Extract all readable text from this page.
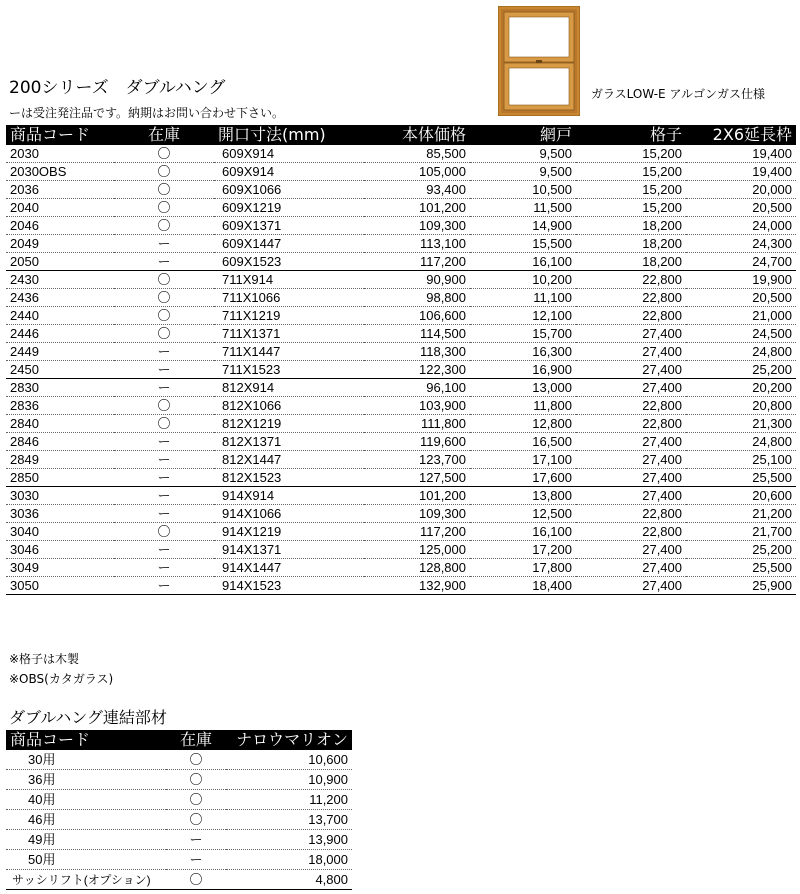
200シリーズ　ダブルハング	ガラスLOW-E アルゴンガス仕様
ーは受注発注品です。納期はお問い合わせ下さい。
商品コード	在庫	開口寸法(mm)	本体価格	網戸	格子	2X6延長枠
2030	〇	609X914	85,500	9,500	15,200	19,400
2030OBS	〇	609X914	105,000	9,500	15,200	19,400
2036	〇	609X1066	93,400	10,500	15,200	20,000
2040	〇	609X1219	101,200	11,500	15,200	20,500
2046	〇	609X1371	109,300	14,900	18,200	24,000
2049	ー	609X1447	113,100	15,500	18,200	24,300
2050	ー	609X1523	117,200	16,100	18,200	24,700
2430	〇	711X914	90,900	10,200	22,800	19,900
2436	〇	711X1066	98,800	11,100	22,800	20,500
2440	〇	711X1219	106,600	12,100	22,800	21,000
2446	〇	711X1371	114,500	15,700	27,400	24,500
2449	ー	711X1447	118,300	16,300	27,400	24,800
2450	ー	711X1523	122,300	16,900	27,400	25,200
2830	ー	812X914	96,100	13,000	27,400	20,200
2836	〇	812X1066	103,900	11,800	22,800	20,800
2840	〇	812X1219	111,800	12,800	22,800	21,300
2846	ー	812X1371	119,600	16,500	27,400	24,800
2849	ー	812X1447	123,700	17,100	27,400	25,100
2850	ー	812X1523	127,500	17,600	27,400	25,500
3030	ー	914X914	101,200	13,800	27,400	20,600
3036	ー	914X1066	109,300	12,500	22,800	21,200
3040	〇	914X1219	117,200	16,100	22,800	21,700
3046	ー	914X1371	125,000	17,200	27,400	25,200
3049	ー	914X1447	128,800	17,800	27,400	25,500
3050	ー	914X1523	132,900	18,400	27,400	25,900
※格子は木製
※OBS(カタガラス)
ダブルハング連結部材
商品コード	在庫	ナロウマリオン
30用	〇	10,600
36用	〇	10,900
40用	〇	11,200
46用	〇	13,700
49用	ー	13,900
50用	ー	18,000
サッシリフト(オプション)	〇	4,800
